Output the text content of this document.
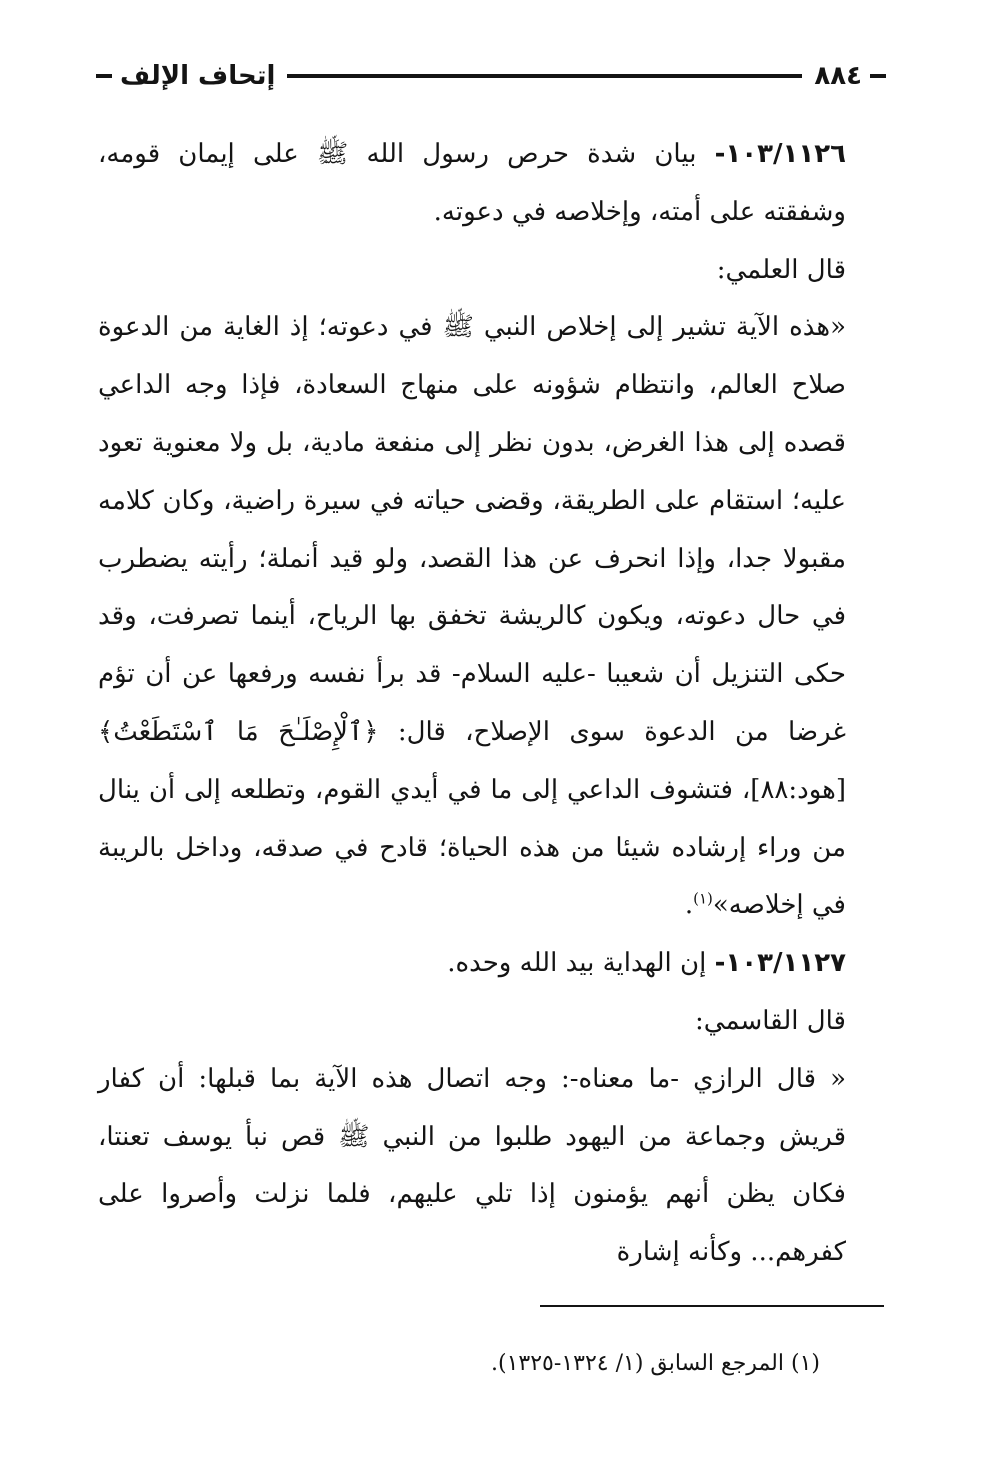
٨٨٤
إتحاف الإلف

١٠٣/١١٢٦- بيان شدة حرص رسول الله ﷺ على إيمان قومه، وشفقته على أمته، وإخلاصه في دعوته.

قال العلمي:

«هذه الآية تشير إلى إخلاص النبي ﷺ في دعوته؛ إذ الغاية من الدعوة صلاح العالم، وانتظام شؤونه على منهاج السعادة، فإذا وجه الداعي قصده إلى هذا الغرض، بدون نظر إلى منفعة مادية، بل ولا معنوية تعود عليه؛ استقام على الطريقة، وقضى حياته في سيرة راضية، وكان كلامه مقبولا جدا، وإذا انحرف عن هذا القصد، ولو قيد أنملة؛ رأيته يضطرب في حال دعوته، ويكون كالريشة تخفق بها الرياح، أينما تصرفت، وقد حكى التنزيل أن شعيبا -عليه السلام- قد برأ نفسه ورفعها عن أن تؤم غرضا من الدعوة سوى الإصلاح، قال: ﴿ٱلْإِصْلَـٰحَ مَا ٱسْتَطَعْتُ﴾ [هود:٨٨]، فتشوف الداعي إلى ما في أيدي القوم، وتطلعه إلى أن ينال من وراء إرشاده شيئا من هذه الحياة؛ قادح في صدقه، وداخل بالريبة في إخلاصه»$^{(١)}$.

١٠٣/١١٢٧- إن الهداية بيد الله وحده.

قال القاسمي:

« قال الرازي -ما معناه-: وجه اتصال هذه الآية بما قبلها: أن كفار قريش وجماعة من اليهود طلبوا من النبي ﷺ قص نبأ يوسف تعنتا، فكان يظن أنهم يؤمنون إذا تلي عليهم، فلما نزلت وأصروا على كفرهم... وكأنه إشارة

(١) المرجع السابق (١/ ١٣٢٤-١٣٢٥).
